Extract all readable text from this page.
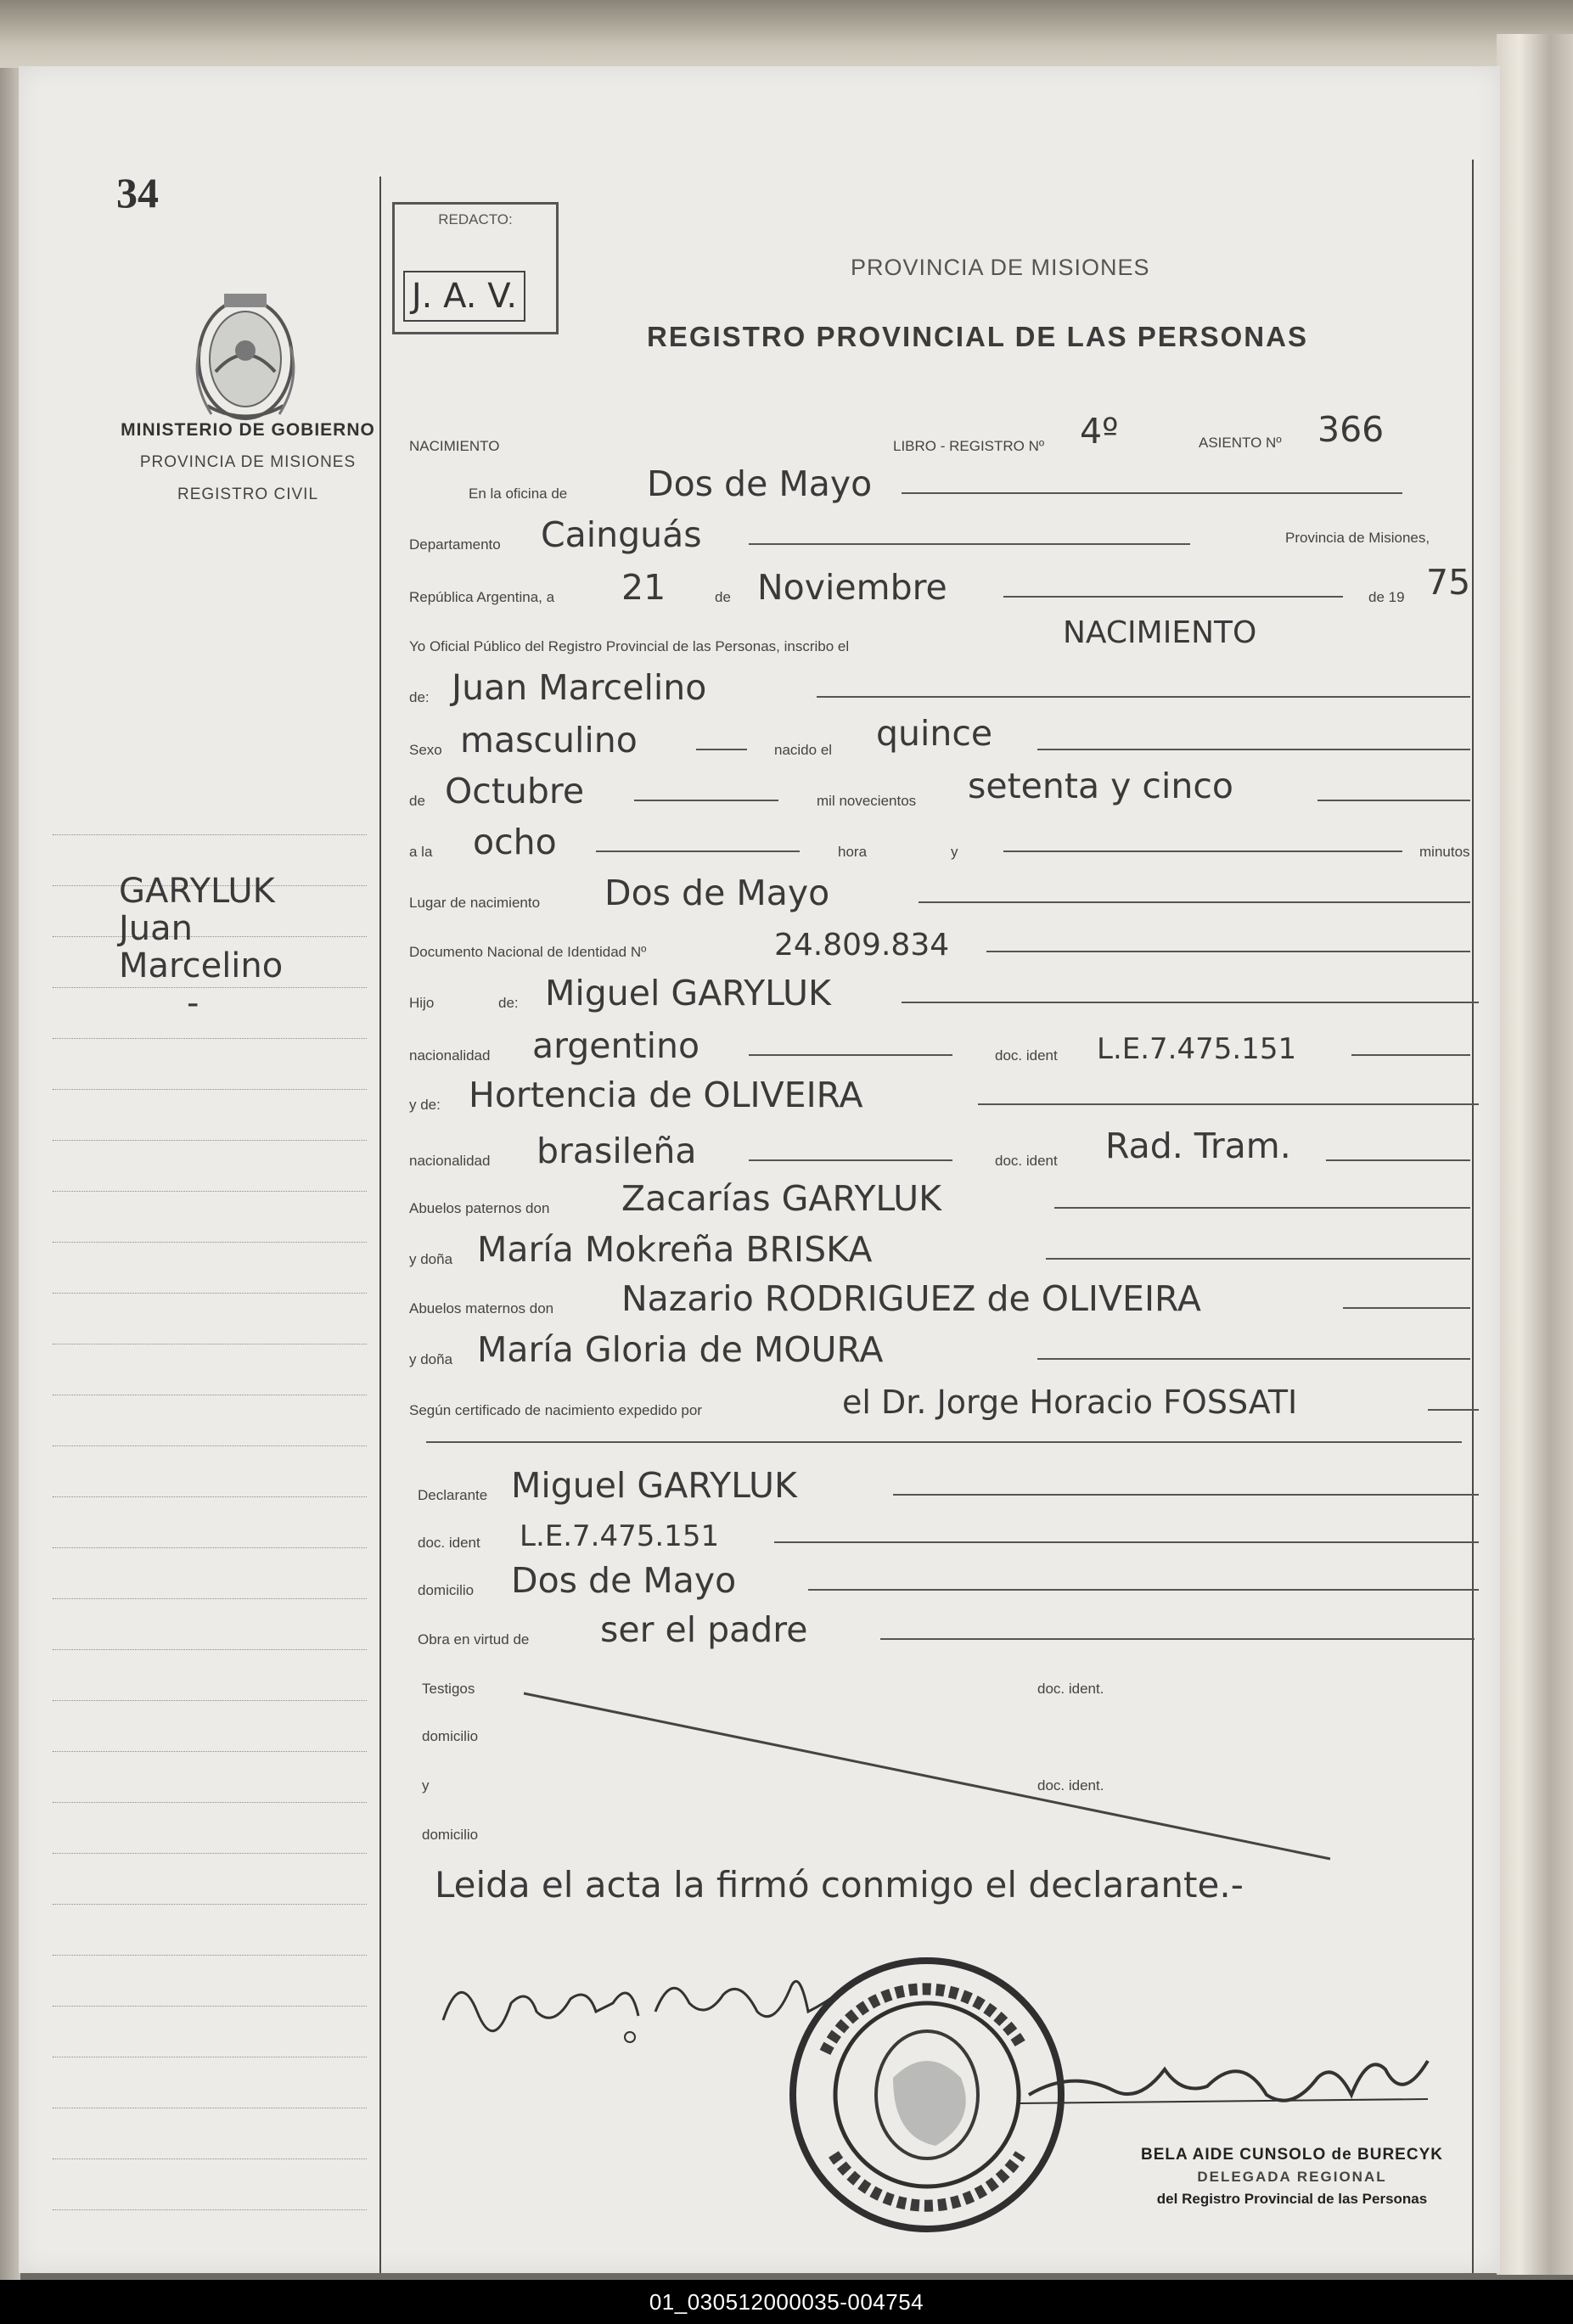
34
MINISTERIO DE GOBIERNO
PROVINCIA DE MISIONES
REGISTRO CIVIL
GARYLUK
Juan
Marcelino
-
REDACTO:
J. A. V.
PROVINCIA DE MISIONES
REGISTRO PROVINCIAL DE LAS PERSONAS
NACIMIENTO	LIBRO - REGISTRO Nº 4º	ASIENTO Nº 366
En la oficina de Dos de Mayo
Departamento Cainguás	Provincia de Misiones,
República Argentina, a 21	de Noviembre	de 19 75
Yo Oficial Público del Registro Provincial de las Personas, inscribo el	NACIMIENTO
de: Juan Marcelino
Sexo masculino	nacido el quince
de Octubre	mil novecientos setenta y cinco
a la ocho	hora	y	minutos
Lugar de nacimiento Dos de Mayo
Documento Nacional de Identidad Nº	24.809.834
Hijo	de: Miguel GARYLUK
nacionalidad argentino	doc. ident L.E.7.475.151
y de: Hortencia de OLIVEIRA
nacionalidad brasileña	doc. ident Rad. Tram.
Abuelos paternos don Zacarías GARYLUK
y doña María Mokreña BRISKA
Abuelos maternos don Nazario RODRIGUEZ de OLIVEIRA
y doña María Gloria de MOURA
Según certificado de nacimiento expedido por	el Dr. Jorge Horacio FOSSATI
Declarante Miguel GARYLUK
doc. ident L.E.7.475.151
domicilio Dos de Mayo
Obra en virtud de ser el padre
Testigos	doc. ident.
domicilio
y	doc. ident.
domicilio
Leida el acta la firmó conmigo el declarante.-
BELA AIDE CUNSOLO de BURECYK
DELEGADA REGIONAL
del Registro Provincial de las Personas
01_030512000035-004754
